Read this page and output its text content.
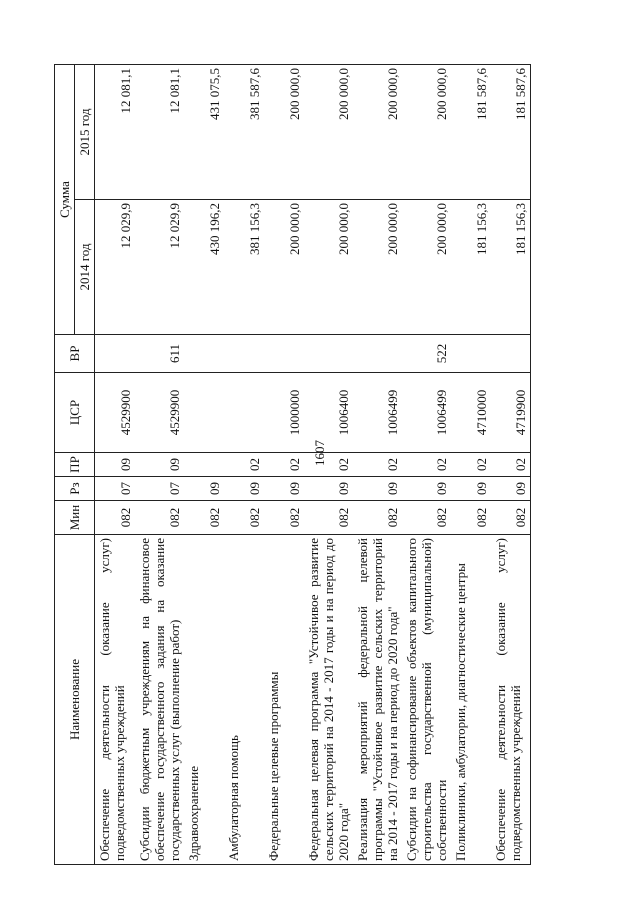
1607
Наименование	Мин	Рз	ПР	ЦСР	ВР	Сумма	
						2014 год	2015 год
Обеспечение деятельности (оказание услуг) подведомственных учреждений	082	07	09	4529900		12 029,9	12 081,1
Субсидии бюджетным учреждениям на финансовое обеспечение государственного задания на оказание государственных услуг (выполнение работ)	082	07	09	4529900	611	12 029,9	12 081,1
Здравоохранение	082	09				430 196,2	431 075,5
Амбулаторная помощь	082	09	02			381 156,3	381 587,6
Федеральные целевые программы	082	09	02	1000000		200 000,0	200 000,0
Федеральная целевая программа "Устойчивое развитие сельских территорий на 2014 - 2017 годы и на период до 2020 года"	082	09	02	1006400		200 000,0	200 000,0
Реализация мероприятий федеральной целевой программы "Устойчивое развитие сельских территорий на 2014 - 2017 годы и на период до 2020 года"	082	09	02	1006499		200 000,0	200 000,0
Субсидии на софинансирование объектов капитального строительства государственной (муниципальной) собственности	082	09	02	1006499	522	200 000,0	200 000,0
Поликлиники, амбулатории, диагностические центры	082	09	02	4710000		181 156,3	181 587,6
Обеспечение деятельности (оказание услуг) подведомственных учреждений	082	09	02	4719900		181 156,3	181 587,6
